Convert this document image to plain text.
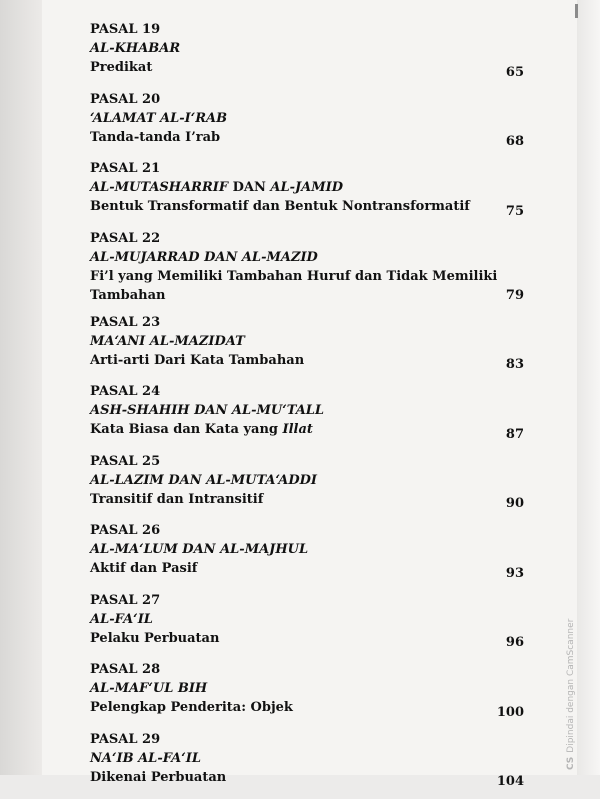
PASAL 19
AL-KHABAR
Predikat	65
PASAL 20
‘ALAMAT AL-I‘RAB
Tanda-tanda I’rab	68
PASAL 21
AL-MUTASHARRIF DAN AL-JAMID
Bentuk Transformatif dan Bentuk Nontransformatif	75
PASAL 22
AL-MUJARRAD DAN AL-MAZID
Fi’l yang Memiliki Tambahan Huruf dan Tidak Memiliki
Tambahan	79
PASAL 23
MA‘ANI AL-MAZIDAT
Arti-arti Dari Kata Tambahan	83
PASAL 24
ASH-SHAHIH DAN AL-MU‘TALL
Kata Biasa dan Kata yang Illat	87
PASAL 25
AL-LAZIM DAN AL-MUTA‘ADDI
Transitif dan Intransitif	90
PASAL 26
AL-MA‘LUM DAN AL-MAJHUL
Aktif dan Pasif	93
PASAL 27
AL-FA‘IL
Pelaku Perbuatan	96
PASAL 28
AL-MAF‘UL BIH
Pelengkap Penderita: Objek	100
PASAL 29
NA‘IB AL-FA‘IL
Dikenai Perbuatan	104
CSDipindai dengan CamScanner
